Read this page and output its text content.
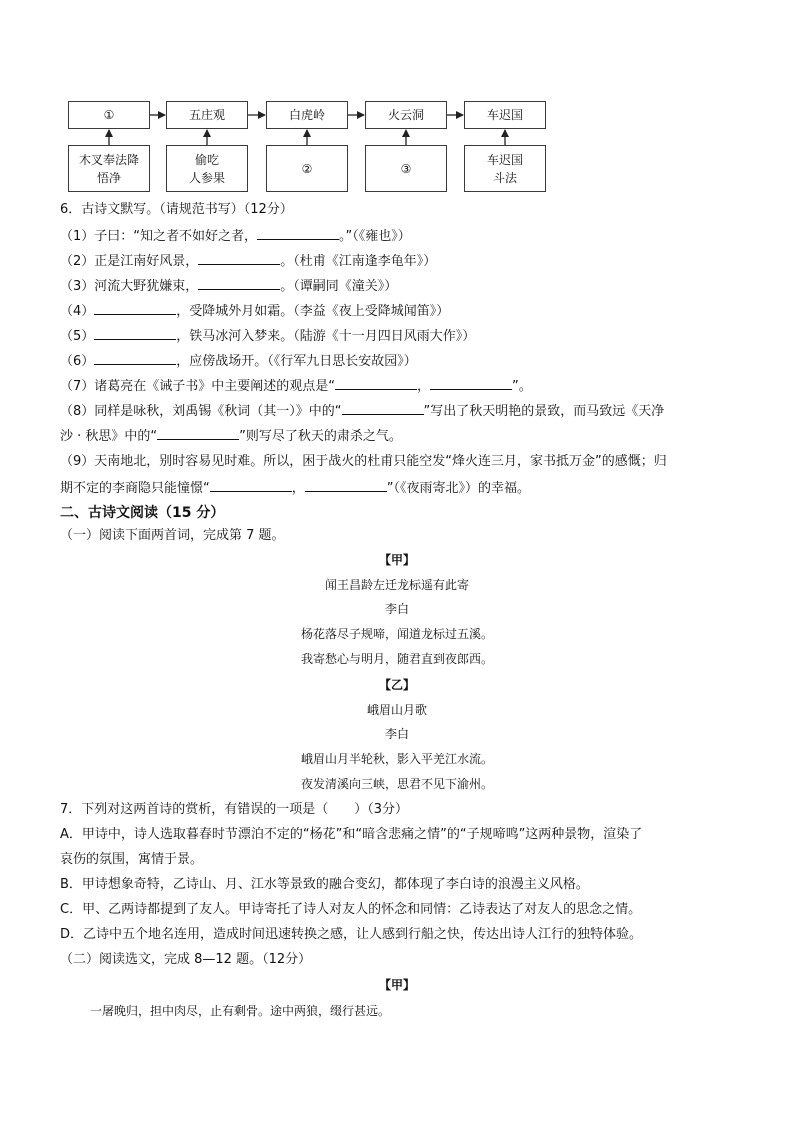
①	五庄观	白虎岭	火云洞	车迟国
木叉奉法降
悟净
偷吃
人参果
②	③
车迟国
斗法
6．古诗文默写。（请规范书写）（12分）
（1）子曰：“知之者不如好之者，	。”（《雍也》）
（2）正是江南好风景，	。（杜甫《江南逢李龟年》）
（3）河流大野犹嫌束，	。（谭嗣同《潼关》）
（4）	，受降城外月如霜。（李益《夜上受降城闻笛》）
（5）	，铁马冰河入梦来。（陆游《十一月四日风雨大作》）
（6）	，应傍战场开。（《行军九日思长安故园》）
（7）诸葛亮在《诫子书》中主要阐述的观点是“	，	”。
（8）同样是咏秋，刘禹锡《秋词（其一）》中的“	”写出了秋天明艳的景致，而马致远《天净
沙 · 秋思》中的“	”则写尽了秋天的肃杀之气。
（9）天南地北，别时容易见时难。所以，困于战火的杜甫只能空发“烽火连三月，家书抵万金”的感慨；归
期不定的李商隐只能憧憬“	，	”（《夜雨寄北》）的幸福。
二、古诗文阅读（15 分）
（一）阅读下面两首词，完成第 7 题。
【甲】
闻王昌龄左迁龙标遥有此寄
李白
杨花落尽子规啼，闻道龙标过五溪。
我寄愁心与明月，随君直到夜郎西。
【乙】
峨眉山月歌
李白
峨眉山月半轮秋，影入平羌江水流。
夜发清溪向三峡，思君不见下渝州。
7．下列对这两首诗的赏析，有错误的一项是（　　）（3分）
A．甲诗中，诗人选取暮春时节漂泊不定的“杨花”和“暗含悲痛之情”的“子规啼鸣”这两种景物，渲染了
哀伤的氛围，寓情于景。
B．甲诗想象奇特，乙诗山、月、江水等景致的融合变幻，都体现了李白诗的浪漫主义风格。
C．甲、乙两诗都提到了友人。甲诗寄托了诗人对友人的怀念和同情：乙诗表达了对友人的思念之情。
D．乙诗中五个地名连用，造成时间迅速转换之感，让人感到行船之快，传达出诗人江行的独特体验。
（二）阅读选文，完成 8—12 题。（12分）
【甲】
一屠晚归，担中肉尽，止有剩骨。途中两狼，缀行甚远。
